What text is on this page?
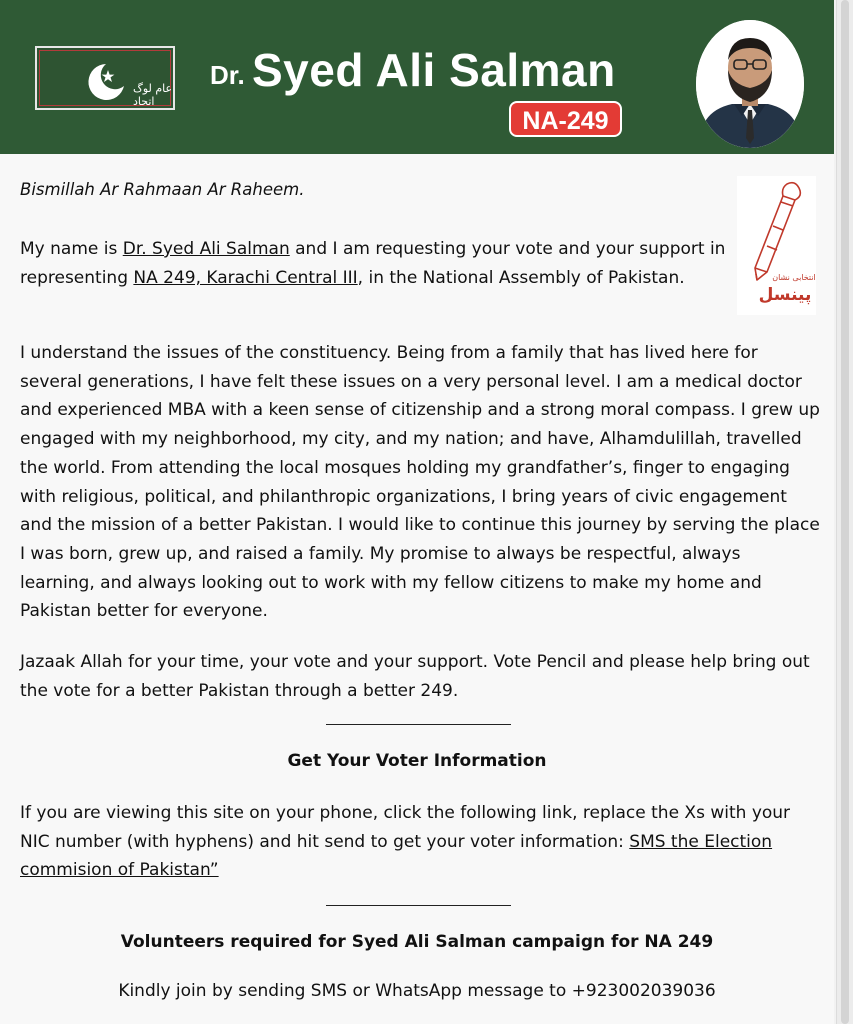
عام لوگ اتحاد
Dr. Syed Ali Salman
NA-249

Bismillah Ar Rahmaan Ar Raheem.

My name is Dr. Syed Ali Salman and I am requesting your vote and your support in representing NA 249, Karachi Central III, in the National Assembly of Pakistan.	انتخابی نشان
پینسل

I understand the issues of the constituency. Being from a family that has lived here for several generations, I have felt these issues on a very personal level. I am a medical doctor and experienced MBA with a keen sense of citizenship and a strong moral compass. I grew up engaged with my neighborhood, my city, and my nation; and have, Alhamdulillah, travelled the world. From attending the local mosques holding my grandfather’s, finger to engaging with religious, political, and philanthropic organizations, I bring years of civic engagement and the mission of a better Pakistan. I would like to continue this journey by serving the place I was born, grew up, and raised a family. My promise to always be respectful, always learning, and always looking out to work with my fellow citizens to make my home and Pakistan better for everyone.

Jazaak Allah for your time, your vote and your support. Vote Pencil and please help bring out the vote for a better Pakistan through a better 249.

Get Your Voter Information

If you are viewing this site on your phone, click the following link, replace the Xs with your NIC number (with hyphens) and hit send to get your voter information: SMS the Election commision of Pakistan”

Volunteers required for Syed Ali Salman campaign for NA 249

Kindly join by sending SMS or WhatsApp message to +923002039036
